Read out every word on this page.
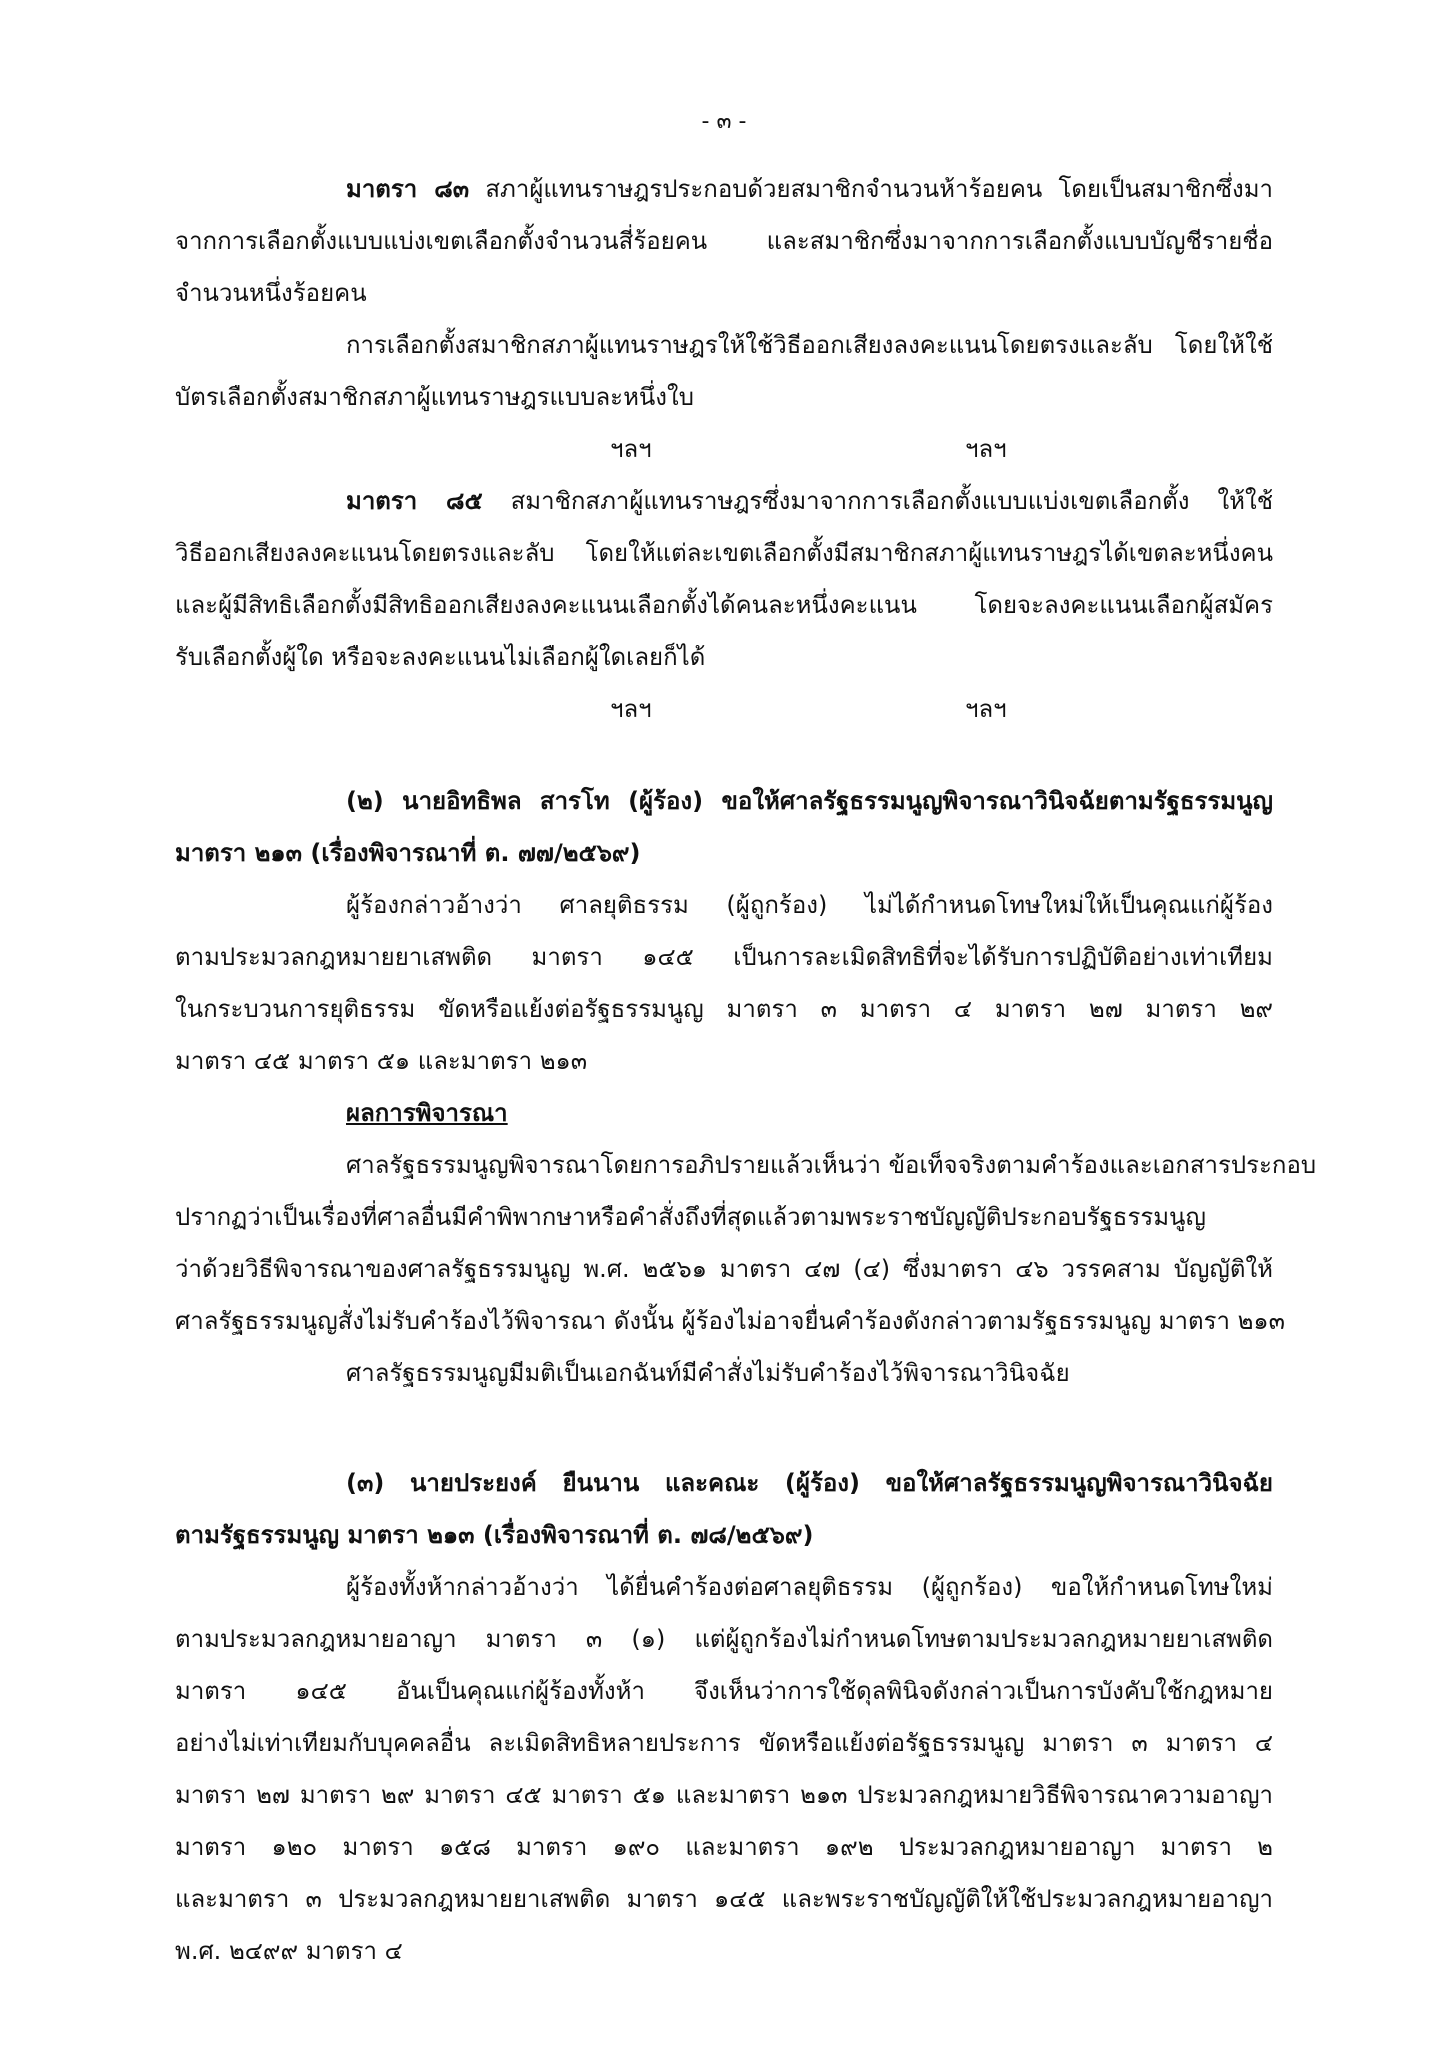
- ๓ -
มาตรา ๘๓ สภาผู้แทนราษฎรประกอบด้วยสมาชิกจำนวนห้าร้อยคน โดยเป็นสมาชิกซึ่งมา
จากการเลือกตั้งแบบแบ่งเขตเลือกตั้งจำนวนสี่ร้อยคน และสมาชิกซึ่งมาจากการเลือกตั้งแบบบัญชีรายชื่อ
จำนวนหนึ่งร้อยคน
การเลือกตั้งสมาชิกสภาผู้แทนราษฎรให้ใช้วิธีออกเสียงลงคะแนนโดยตรงและลับ โดยให้ใช้
บัตรเลือกตั้งสมาชิกสภาผู้แทนราษฎรแบบละหนึ่งใบ
ฯลฯ	ฯลฯ
มาตรา ๘๕ สมาชิกสภาผู้แทนราษฎรซึ่งมาจากการเลือกตั้งแบบแบ่งเขตเลือกตั้ง ให้ใช้
วิธีออกเสียงลงคะแนนโดยตรงและลับ โดยให้แต่ละเขตเลือกตั้งมีสมาชิกสภาผู้แทนราษฎรได้เขตละหนึ่งคน
และผู้มีสิทธิเลือกตั้งมีสิทธิออกเสียงลงคะแนนเลือกตั้งได้คนละหนึ่งคะแนน โดยจะลงคะแนนเลือกผู้สมัคร
รับเลือกตั้งผู้ใด หรือจะลงคะแนนไม่เลือกผู้ใดเลยก็ได้
ฯลฯ	ฯลฯ
(๒) นายอิทธิพล สารโท (ผู้ร้อง) ขอให้ศาลรัฐธรรมนูญพิจารณาวินิจฉัยตามรัฐธรรมนูญ
มาตรา ๒๑๓ (เรื่องพิจารณาที่ ต. ๗๗/๒๕๖๙)
ผู้ร้องกล่าวอ้างว่า ศาลยุติธรรม (ผู้ถูกร้อง) ไม่ได้กำหนดโทษใหม่ให้เป็นคุณแก่ผู้ร้อง
ตามประมวลกฎหมายยาเสพติด มาตรา ๑๔๕ เป็นการละเมิดสิทธิที่จะได้รับการปฏิบัติอย่างเท่าเทียม
ในกระบวนการยุติธรรม ขัดหรือแย้งต่อรัฐธรรมนูญ มาตรา ๓ มาตรา ๔ มาตรา ๒๗ มาตรา ๒๙
มาตรา ๔๕ มาตรา ๕๑ และมาตรา ๒๑๓
ผลการพิจารณา
ศาลรัฐธรรมนูญพิจารณาโดยการอภิปรายแล้วเห็นว่า ข้อเท็จจริงตามคำร้องและเอกสารประกอบ
ปรากฏว่าเป็นเรื่องที่ศาลอื่นมีคำพิพากษาหรือคำสั่งถึงที่สุดแล้วตามพระราชบัญญัติประกอบรัฐธรรมนูญ
ว่าด้วยวิธีพิจารณาของศาลรัฐธรรมนูญ พ.ศ. ๒๕๖๑ มาตรา ๔๗ (๔) ซึ่งมาตรา ๔๖ วรรคสาม บัญญัติให้
ศาลรัฐธรรมนูญสั่งไม่รับคำร้องไว้พิจารณา ดังนั้น ผู้ร้องไม่อาจยื่นคำร้องดังกล่าวตามรัฐธรรมนูญ มาตรา ๒๑๓
ศาลรัฐธรรมนูญมีมติเป็นเอกฉันท์มีคำสั่งไม่รับคำร้องไว้พิจารณาวินิจฉัย
(๓) นายประยงค์ ยืนนาน และคณะ (ผู้ร้อง) ขอให้ศาลรัฐธรรมนูญพิจารณาวินิจฉัย
ตามรัฐธรรมนูญ มาตรา ๒๑๓ (เรื่องพิจารณาที่ ต. ๗๘/๒๕๖๙)
ผู้ร้องทั้งห้ากล่าวอ้างว่า ได้ยื่นคำร้องต่อศาลยุติธรรม (ผู้ถูกร้อง) ขอให้กำหนดโทษใหม่
ตามประมวลกฎหมายอาญา มาตรา ๓ (๑) แต่ผู้ถูกร้องไม่กำหนดโทษตามประมวลกฎหมายยาเสพติด
มาตรา ๑๔๕ อันเป็นคุณแก่ผู้ร้องทั้งห้า จึงเห็นว่าการใช้ดุลพินิจดังกล่าวเป็นการบังคับใช้กฎหมาย
อย่างไม่เท่าเทียมกับบุคคลอื่น ละเมิดสิทธิหลายประการ ขัดหรือแย้งต่อรัฐธรรมนูญ มาตรา ๓ มาตรา ๔
มาตรา ๒๗ มาตรา ๒๙ มาตรา ๔๕ มาตรา ๕๑ และมาตรา ๒๑๓ ประมวลกฎหมายวิธีพิจารณาความอาญา
มาตรา ๑๒๐ มาตรา ๑๕๘ มาตรา ๑๙๐ และมาตรา ๑๙๒ ประมวลกฎหมายอาญา มาตรา ๒
และมาตรา ๓ ประมวลกฎหมายยาเสพติด มาตรา ๑๔๕ และพระราชบัญญัติให้ใช้ประมวลกฎหมายอาญา
พ.ศ. ๒๔๙๙ มาตรา ๔
